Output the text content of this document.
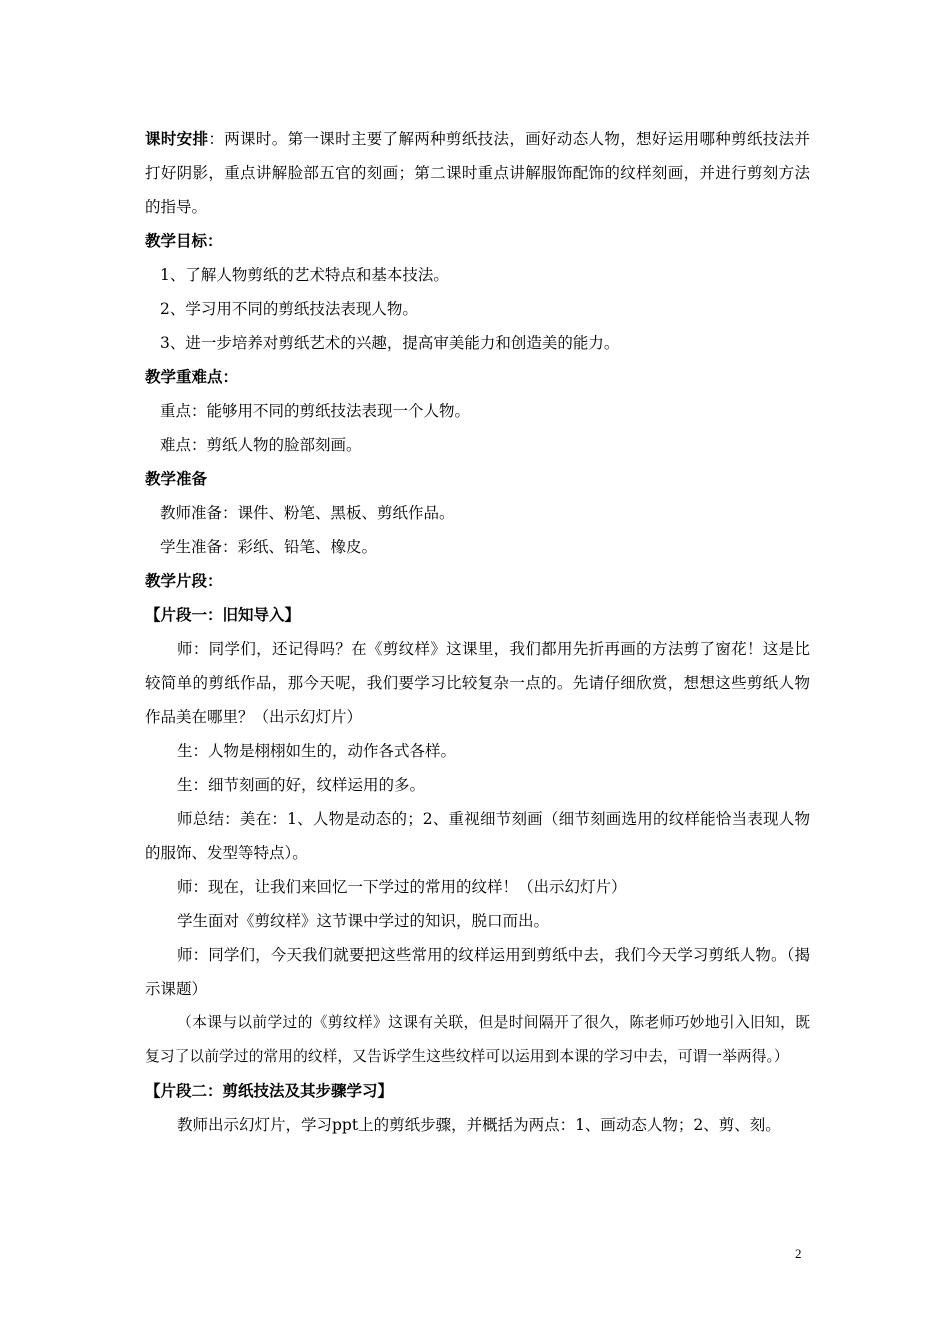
课时安排：两课时。第一课时主要了解两种剪纸技法，画好动态人物，想好运用哪种剪纸技法并打好阴影，重点讲解脸部五官的刻画；第二课时重点讲解服饰配饰的纹样刻画，并进行剪刻方法的指导。
教学目标：
1、了解人物剪纸的艺术特点和基本技法。
2、学习用不同的剪纸技法表现人物。
3、进一步培养对剪纸艺术的兴趣，提高审美能力和创造美的能力。
教学重难点：
重点：能够用不同的剪纸技法表现一个人物。
难点：剪纸人物的脸部刻画。
教学准备
教师准备：课件、粉笔、黑板、剪纸作品。
学生准备：彩纸、铅笔、橡皮。
教学片段：
【片段一：旧知导入】
师：同学们，还记得吗？在《剪纹样》这课里，我们都用先折再画的方法剪了窗花！这是比较简单的剪纸作品，那今天呢，我们要学习比较复杂一点的。先请仔细欣赏，想想这些剪纸人物作品美在哪里？（出示幻灯片）
生：人物是栩栩如生的，动作各式各样。
生：细节刻画的好，纹样运用的多。
师总结：美在：1、人物是动态的；2、重视细节刻画（细节刻画选用的纹样能恰当表现人物的服饰、发型等特点）。
师：现在，让我们来回忆一下学过的常用的纹样！（出示幻灯片）
学生面对《剪纹样》这节课中学过的知识，脱口而出。
师：同学们，今天我们就要把这些常用的纹样运用到剪纸中去，我们今天学习剪纸人物。（揭示课题）
（本课与以前学过的《剪纹样》这课有关联，但是时间隔开了很久，陈老师巧妙地引入旧知，既复习了以前学过的常用的纹样，又告诉学生这些纹样可以运用到本课的学习中去，可谓一举两得。）
【片段二：剪纸技法及其步骤学习】
教师出示幻灯片，学习ppt上的剪纸步骤，并概括为两点：1、画动态人物；2、剪、刻。
2
